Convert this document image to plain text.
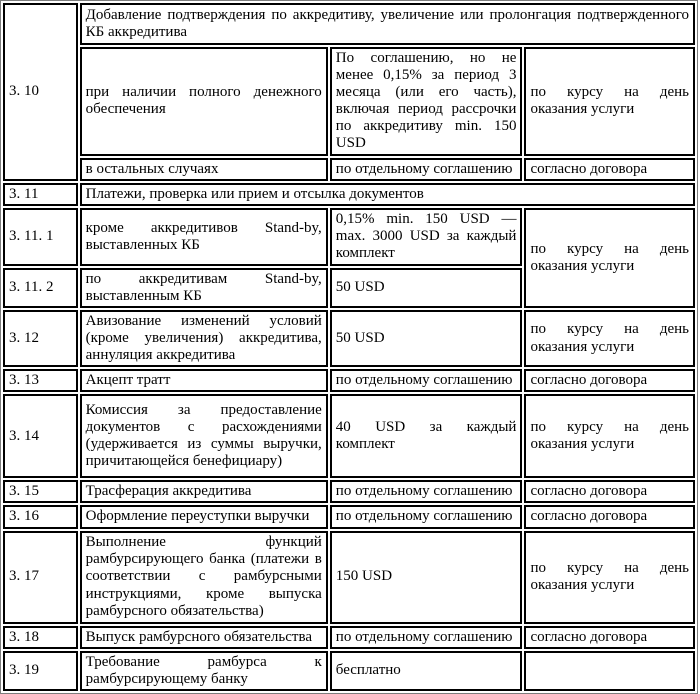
3. 10	Добавление подтверждения по аккредитиву, увеличение или пролонгация подтвержденного КБ аккредитива		
	при наличии полного денежного обеспечения	По соглашению, но не менее 0,15% за период 3 месяца (или его часть), включая период рассрочки по аккредитиву min. 150 USD	по курсу на день оказания услуги
	в остальных случаях	по отдельному соглашению	согласно договора
3. 11	Платежи, проверка или прием и отсылка документов		
3. 11. 1	кроме аккредитивов Stand-by, выставленных КБ	0,15% min. 150 USD — max. 3000 USD за каждый комплект	по курсу на день оказания услуги
3. 11. 2	по аккредитивам Stand-by, выставленным КБ	50 USD	
3. 12	Авизование изменений условий (кроме увеличения) аккредитива, аннуляция аккредитива	50 USD	по курсу на день оказания услуги
3. 13	Акцепт тратт	по отдельному соглашению	согласно договора
3. 14	Комиссия за предоставление документов с расхождениями (удерживается из суммы выручки, причитающейся бенефициару)	40 USD за каждый комплект	по курсу на день оказания услуги
3. 15	Трасферация аккредитива	по отдельному соглашению	согласно договора
3. 16	Оформление переуступки выручки	по отдельному соглашению	согласно договора
3. 17	Выполнение функций рамбурсирующего банка (платежи в соответствии с рамбурсными инструкциями, кроме выпуска рамбурсного обязательства)	150 USD	по курсу на день оказания услуги
3. 18	Выпуск рамбурсного обязательства	по отдельному соглашению	согласно договора
3. 19	Требование рамбурса к рамбурсирующему банку	бесплатно	
